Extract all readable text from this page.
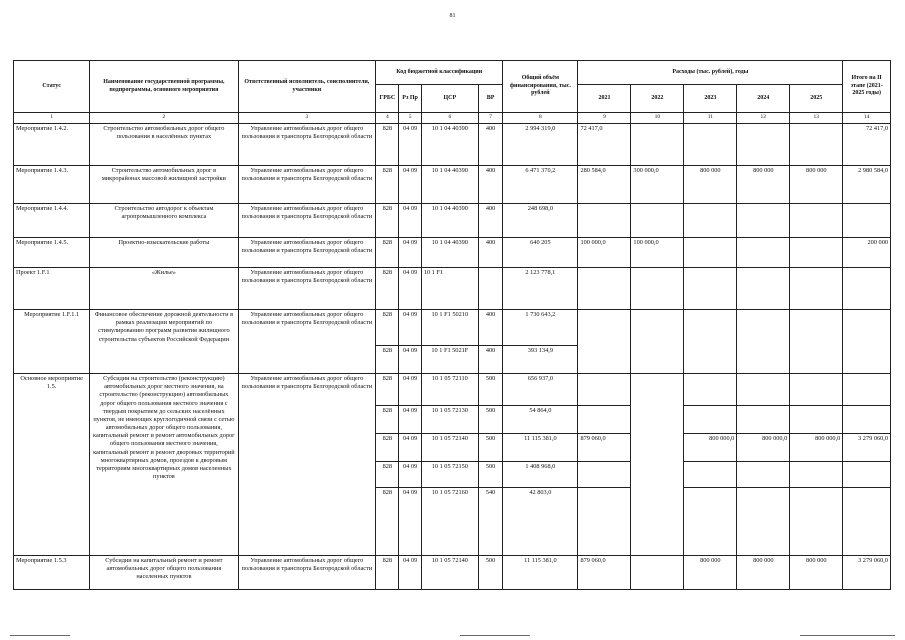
81
Статус	Наименование государственной программы, подпрограммы, основного мероприятия	Ответственный исполнитель, соисполнители, участники	Код бюджетной классификации				Общий объём финансирования, тыс. рублей	Расходы (тыс. рублей), годы					Итого на II этапе (2021-2025 годы)
			ГРБС	Рз Пр	ЦСР	ВР		2021	2022	2023	2024	2025	
1	2	3	4	5	6	7	8	9	10	11	12	13	14
Мероприятие 1.4.2.	Строительство автомобильных дорог общего пользования в населённых пунктах	Управление автомобильных дорог общего пользования и транспорта Белгородской области	828	04 09	10 1 04 40390	400	2 994 319,0	72 417,0					72 417,0
Мероприятие 1.4.3.	Строительство автомобильных дорог в микрорайонах массовой жилищной застройки	Управление автомобильных дорог общего пользования и транспорта Белгородской области	828	04 09	10 1 04 40390	400	6 471 370,2	280 584,0	300 000,0	800 000	800 000	800 000	2 980 584,0
Мероприятие 1.4.4.	Строительство автодорог к объектам агропромышленного комплекса	Управление автомобильных дорог общего пользования и транспорта Белгородской области	828	04 09	10 1 04 40390	400	248 698,0						
Мероприятие 1.4.5.	Проектно-изыскательские работы	Управление автомобильных дорог общего пользования и транспорта Белгородской области	828	04 09	10 1 04 40390	400	640 205	100 000,0	100 000,0				200 000
Проект 1.F.1	«Жилье»	Управление автомобильных дорог общего пользования и транспорта Белгородской области	828	04 09	10 1 F1		2 123 778,1						
Мероприятие 1.F.1.1	Финансовое обеспечение дорожной деятельности в рамках реализации мероприятий по стимулированию программ развития жилищного строительства субъектов Российской Федерации	Управление автомобильных дорог общего пользования и транспорта Белгородской области	828	04 09	10 1 F1 50210	400	1 730 643,2						
			828	04 09	10 1 F1 5021F	400	393 134,9						
Основное мероприятие 1.5.	Субсидии на строительство (реконструкцию) автомобильных дорог местного значения, на строительство (реконструкцию) автомобильных дорог общего пользования местного значения с твердым покрытием до сельских населённых пунктов, не имеющих круглогодичной связи с сетью автомобильных дорог общего пользования, капитальный ремонт и ремонт автомобильных дорог общего пользования местного значения, капитальный ремонт и ремонт дворовых территорий многоквартирных домов, проездов к дворовым территориям многоквартирных домов населенных пунктов	Управление автомобильных дорог общего пользования и транспорта Белгородской области	828	04 09	10 1 05 72110	500	656 937,0						
			828	04 09	10 1 05 72130	500	54 864,0						
			828	04 09	10 1 05 72140	500	11 115 381,0	879 060,0		800 000,0	800 000,0	800 000,0	3 279 060,0
			828	04 09	10 1 05 72150	500	1 408 968,0						
			828	04 09	10 1 05 72160	540	42 803,0						
Мероприятие 1.5.3	Субсидии на капитальный ремонт и ремонт автомобильных дорог общего пользования населенных пунктов	Управление автомобильных дорог общего пользования и транспорта Белгородской области	828	04 09	10 1 05 72140	500	11 115 381,0	879 060,0		800 000	800 000	800 000	3 279 060,0
